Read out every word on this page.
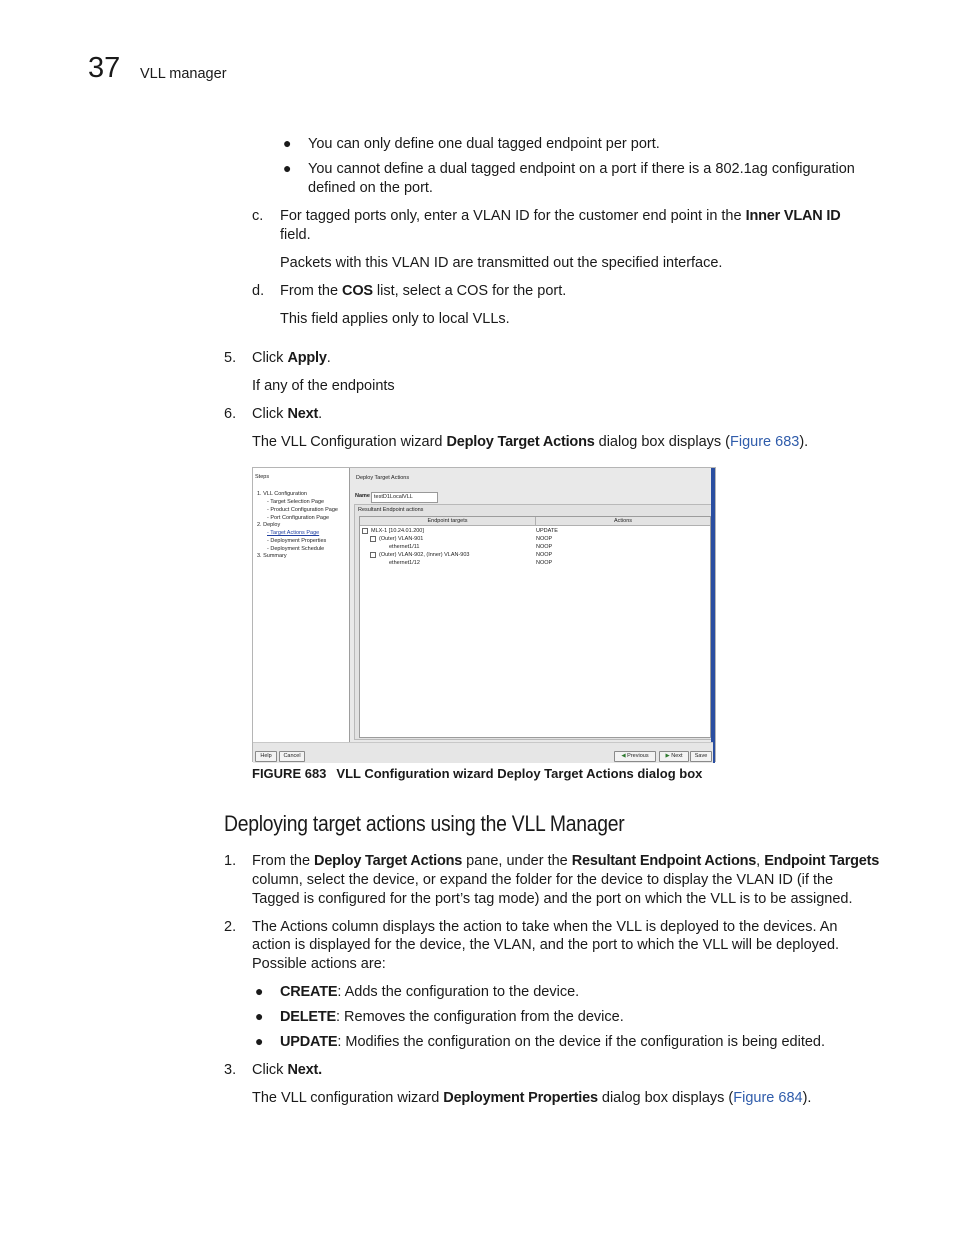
37 VLL manager
● You can only define one dual tagged endpoint per port.
● You cannot define a dual tagged endpoint on a port if there is a 802.1ag configuration
defined on the port.
c. For tagged ports only, enter a VLAN ID for the customer end point in the Inner VLAN ID
field.
Packets with this VLAN ID are transmitted out the specified interface.
d. From the COS list, select a COS for the port.
This field applies only to local VLLs.
5. Click Apply.
If any of the endpoints
6. Click Next.
The VLL Configuration wizard Deploy Target Actions dialog box displays (Figure 683).
Steps
1. VLL Configuration
- Target Selection Page
- Product Configuration Page
- Port Configuration Page
2. Deploy
- Target Actions Page
- Deployment Properties
- Deployment Schedule
3. Summary
Deploy Target Actions
Name testD1LocalVLL
Resultant Endpoint actions
Endpoint targets	Actions
MLX-1 [10.24.01.200]	UPDATE
(Outer) VLAN-901	NOOP
ethernet1/11	NOOP
(Outer) VLAN-902, (Inner) VLAN-903	NOOP
ethernet1/12	NOOP
Help	Cancel	◀ Previous	▶ Next	Save
FIGURE 683 VLL Configuration wizard Deploy Target Actions dialog box
Deploying target actions using the VLL Manager
1. From the Deploy Target Actions pane, under the Resultant Endpoint Actions, Endpoint Targets
column, select the device, or expand the folder for the device to display the VLAN ID (if the
Tagged is configured for the port’s tag mode) and the port on which the VLL is to be assigned.
2. The Actions column displays the action to take when the VLL is deployed to the devices. An
action is displayed for the device, the VLAN, and the port to which the VLL will be deployed.
Possible actions are:
● CREATE: Adds the configuration to the device.
● DELETE: Removes the configuration from the device.
● UPDATE: Modifies the configuration on the device if the configuration is being edited.
3. Click Next.
The VLL configuration wizard Deployment Properties dialog box displays (Figure 684).
